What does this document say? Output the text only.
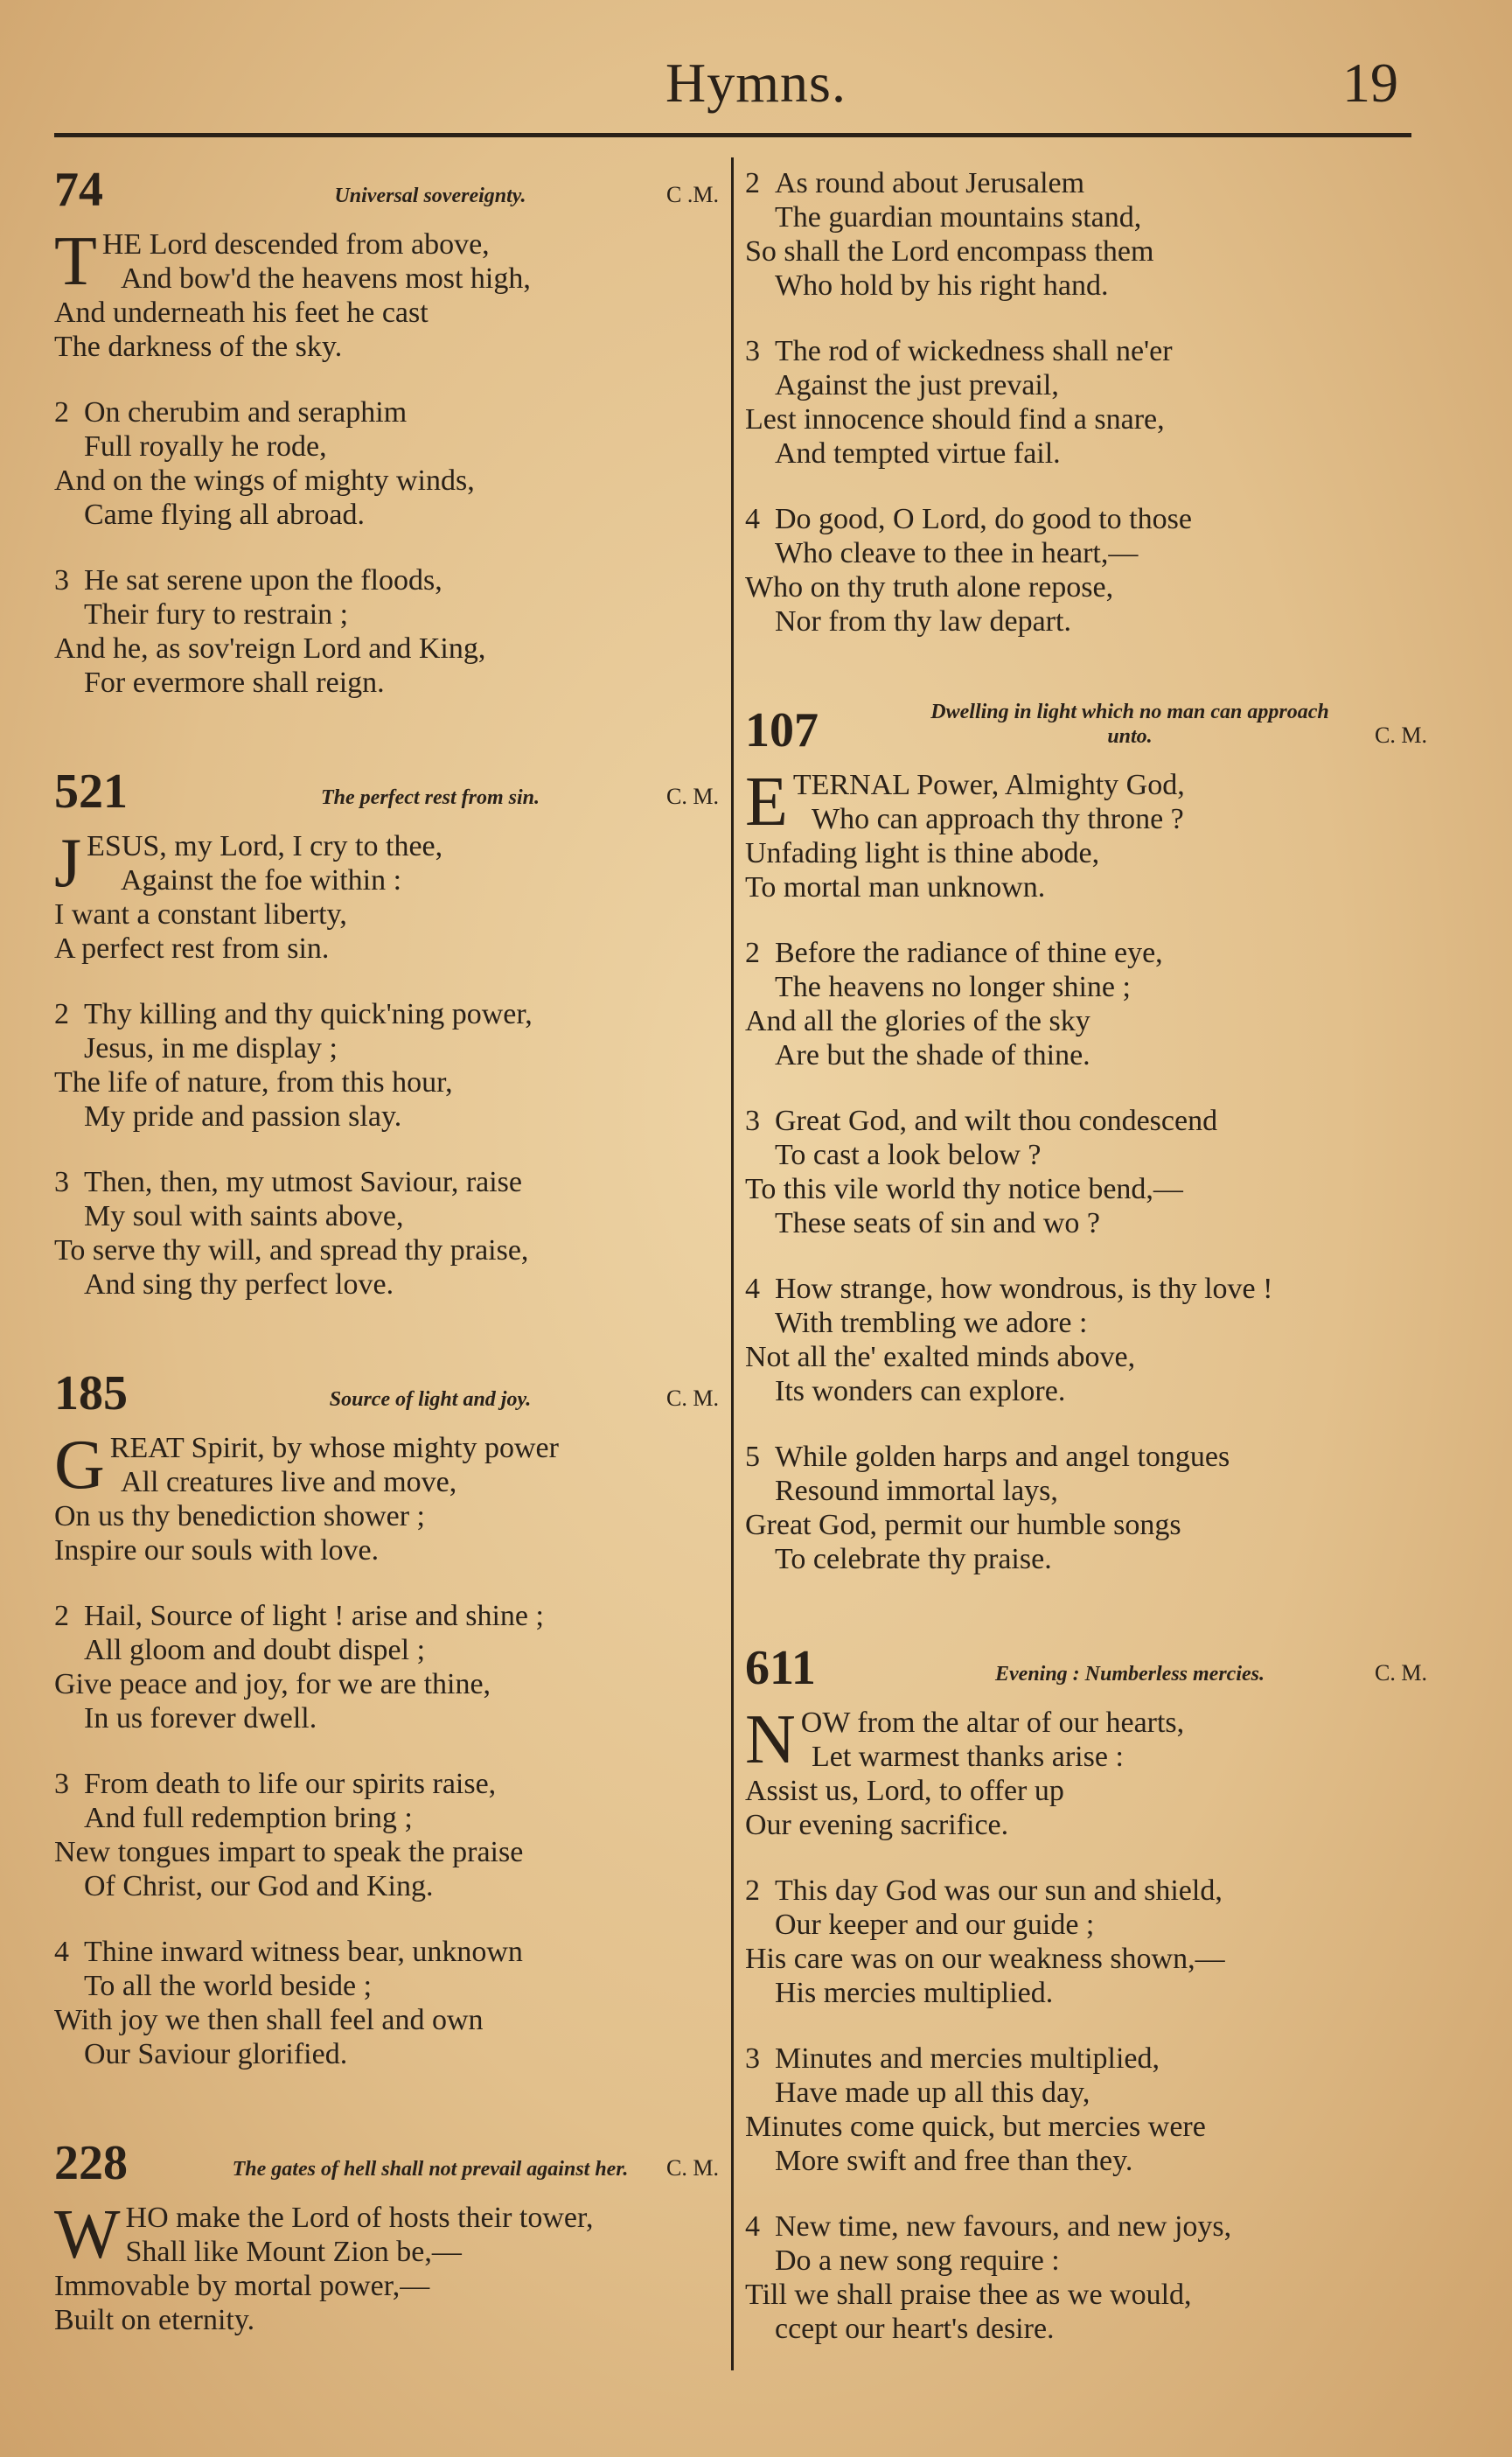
Hymns.	19
74	Universal sovereignty.	C .M.
THE Lord descended from above,
And bow'd the heavens most high,
And underneath his feet he cast
The darkness of the sky.
2 On cherubim and seraphim
Full royally he rode,
And on the wings of mighty winds,
Came flying all abroad.
3 He sat serene upon the floods,
Their fury to restrain ;
And he, as sov'reign Lord and King,
For evermore shall reign.
521	The perfect rest from sin.	C. M.
JESUS, my Lord, I cry to thee,
Against the foe within :
I want a constant liberty,
A perfect rest from sin.
2 Thy killing and thy quick'ning power,
Jesus, in me display ;
The life of nature, from this hour,
My pride and passion slay.
3 Then, then, my utmost Saviour, raise
My soul with saints above,
To serve thy will, and spread thy praise,
And sing thy perfect love.
185	Source of light and joy.	C. M.
GREAT Spirit, by whose mighty power
All creatures live and move,
On us thy benediction shower ;
Inspire our souls with love.
2 Hail, Source of light ! arise and shine ;
All gloom and doubt dispel ;
Give peace and joy, for we are thine,
In us forever dwell.
3 From death to life our spirits raise,
And full redemption bring ;
New tongues impart to speak the praise
Of Christ, our God and King.
4 Thine inward witness bear, unknown
To all the world beside ;
With joy we then shall feel and own
Our Saviour glorified.
228	The gates of hell shall not prevail against her.	C. M.
WHO make the Lord of hosts their tower,
Shall like Mount Zion be,—
Immovable by mortal power,—
Built on eternity.
2 As round about Jerusalem
The guardian mountains stand,
So shall the Lord encompass them
Who hold by his right hand.
3 The rod of wickedness shall ne'er
Against the just prevail,
Lest innocence should find a snare,
And tempted virtue fail.
4 Do good, O Lord, do good to those
Who cleave to thee in heart,—
Who on thy truth alone repose,
Nor from thy law depart.
107	Dwelling in light which no man can approach unto.	C. M.
ETERNAL Power, Almighty God,
Who can approach thy throne ?
Unfading light is thine abode,
To mortal man unknown.
2 Before the radiance of thine eye,
The heavens no longer shine ;
And all the glories of the sky
Are but the shade of thine.
3 Great God, and wilt thou condescend
To cast a look below ?
To this vile world thy notice bend,—
These seats of sin and wo ?
4 How strange, how wondrous, is thy love !
With trembling we adore :
Not all the' exalted minds above,
Its wonders can explore.
5 While golden harps and angel tongues
Resound immortal lays,
Great God, permit our humble songs
To celebrate thy praise.
611	Evening : Numberless mercies.	C. M.
NOW from the altar of our hearts,
Let warmest thanks arise :
Assist us, Lord, to offer up
Our evening sacrifice.
2 This day God was our sun and shield,
Our keeper and our guide ;
His care was on our weakness shown,—
His mercies multiplied.
3 Minutes and mercies multiplied,
Have made up all this day,
Minutes come quick, but mercies were
More swift and free than they.
4 New time, new favours, and new joys,
Do a new song require :
Till we shall praise thee as we would,
ccept our heart's desire.
